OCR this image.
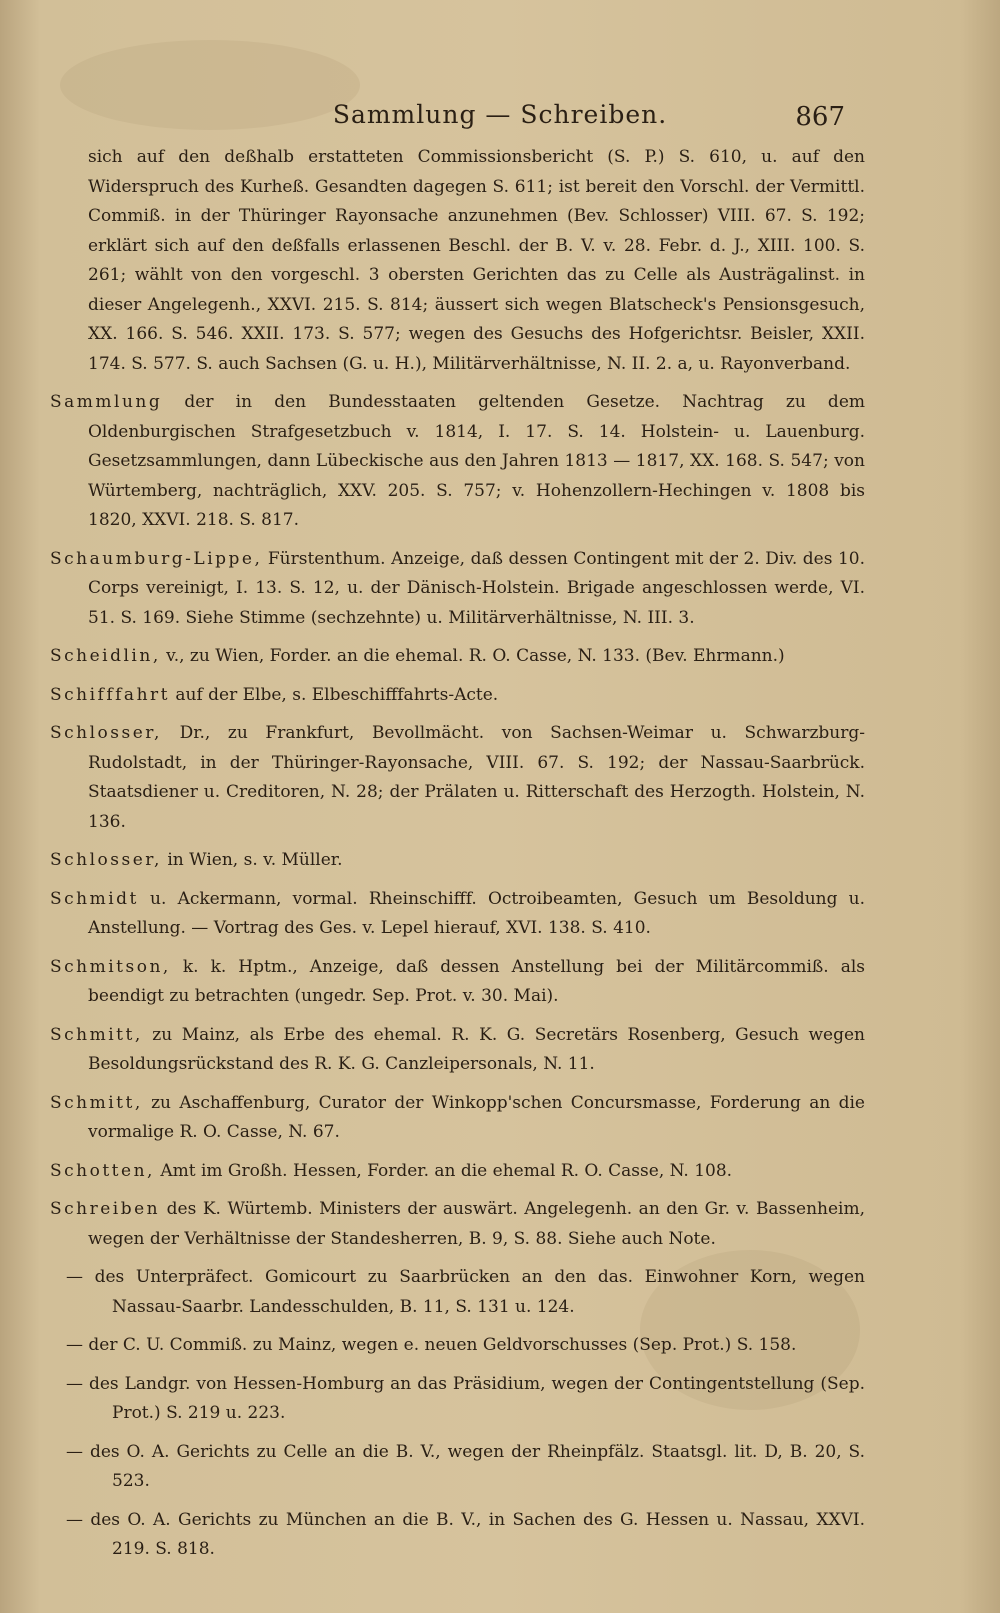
Sammlung — Schreiben.	867

sich auf den deßhalb erstatteten Commissionsbericht (S. P.) S. 610, u. auf den Widerspruch des Kurheß. Gesandten dagegen S. 611; ist bereit den Vorschl. der Vermittl. Commiß. in der Thüringer Rayonsache anzunehmen (Bev. Schlosser) VIII. 67. S. 192; erklärt sich auf den deßfalls erlassenen Beschl. der B. V. v. 28. Febr. d. J., XIII. 100. S. 261; wählt von den vorgeschl. 3 obersten Gerichten das zu Celle als Austrägalinst. in dieser Angelegenh., XXVI. 215. S. 814; äussert sich wegen Blatscheck's Pensionsgesuch, XX. 166. S. 546. XXII. 173. S. 577; wegen des Gesuchs des Hofgerichtsr. Beisler, XXII. 174. S. 577. S. auch Sachsen (G. u. H.), Militärverhältnisse, N. II. 2. a, u. Rayonverband.

Sammlung der in den Bundesstaaten geltenden Gesetze. Nachtrag zu dem Oldenburgischen Strafgesetzbuch v. 1814, I. 17. S. 14. Holstein- u. Lauenburg. Gesetzsammlungen, dann Lübeckische aus den Jahren 1813 — 1817, XX. 168. S. 547; von Würtemberg, nachträglich, XXV. 205. S. 757; v. Hohenzollern-Hechingen v. 1808 bis 1820, XXVI. 218. S. 817.

Schaumburg-Lippe, Fürstenthum. Anzeige, daß dessen Contingent mit der 2. Div. des 10. Corps vereinigt, I. 13. S. 12, u. der Dänisch-Holstein. Brigade angeschlossen werde, VI. 51. S. 169. Siehe Stimme (sechzehnte) u. Militärverhältnisse, N. III. 3.

Scheidlin, v., zu Wien, Forder. an die ehemal. R. O. Casse, N. 133. (Bev. Ehrmann.)

Schifffahrt auf der Elbe, s. Elbeschifffahrts-Acte.

Schlosser, Dr., zu Frankfurt, Bevollmächt. von Sachsen-Weimar u. Schwarzburg-Rudolstadt, in der Thüringer-Rayonsache, VIII. 67. S. 192; der Nassau-Saarbrück. Staatsdiener u. Creditoren, N. 28; der Prälaten u. Ritterschaft des Herzogth. Holstein, N. 136.

Schlosser, in Wien, s. v. Müller.

Schmidt u. Ackermann, vormal. Rheinschifff. Octroibeamten, Gesuch um Besoldung u. Anstellung. — Vortrag des Ges. v. Lepel hierauf, XVI. 138. S. 410.

Schmitson, k. k. Hptm., Anzeige, daß dessen Anstellung bei der Militärcommiß. als beendigt zu betrachten (ungedr. Sep. Prot. v. 30. Mai).

Schmitt, zu Mainz, als Erbe des ehemal. R. K. G. Secretärs Rosenberg, Gesuch wegen Besoldungsrückstand des R. K. G. Canzleipersonals, N. 11.

Schmitt, zu Aschaffenburg, Curator der Winkopp'schen Concursmasse, Forderung an die vormalige R. O. Casse, N. 67.

Schotten, Amt im Großh. Hessen, Forder. an die ehemal R. O. Casse, N. 108.

Schreiben des K. Würtemb. Ministers der auswärt. Angelegenh. an den Gr. v. Bassenheim, wegen der Verhältnisse der Standesherren, B. 9, S. 88. Siehe auch Note.

— des Unterpräfect. Gomicourt zu Saarbrücken an den das. Einwohner Korn, wegen Nassau-Saarbr. Landesschulden, B. 11, S. 131 u. 124.

— der C. U. Commiß. zu Mainz, wegen e. neuen Geldvorschusses (Sep. Prot.) S. 158.

— des Landgr. von Hessen-Homburg an das Präsidium, wegen der Contingentstellung (Sep. Prot.) S. 219 u. 223.

— des O. A. Gerichts zu Celle an die B. V., wegen der Rheinpfälz. Staatsgl. lit. D, B. 20, S. 523.

— des O. A. Gerichts zu München an die B. V., in Sachen des G. Hessen u. Nassau, XXVI. 219. S. 818.
